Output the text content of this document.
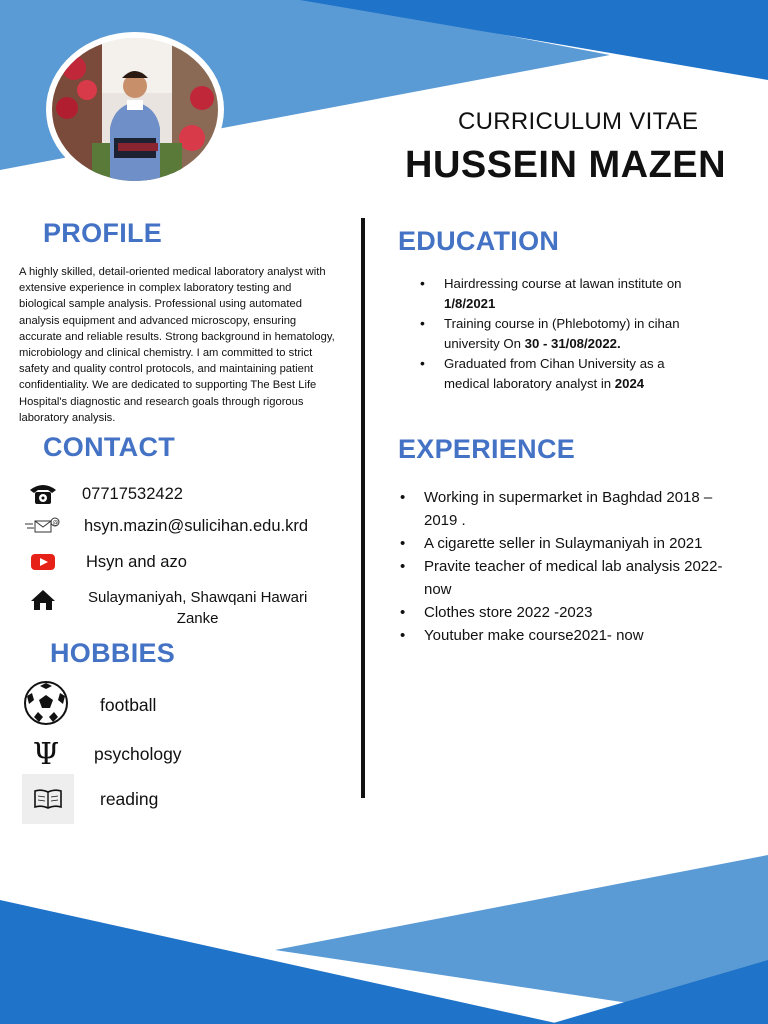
CURRICULUM VITAE
HUSSEIN MAZEN
PROFILE
A highly skilled, detail-oriented medical laboratory analyst with extensive experience in complex laboratory testing and biological sample analysis. Professional using automated analysis equipment and advanced microscopy, ensuring accurate and reliable results. Strong background in hematology, microbiology and clinical chemistry. I am committed to strict safety and quality control protocols, and maintaining patient confidentiality. We are dedicated to supporting The Best Life Hospital's diagnostic and research goals through rigorous laboratory analysis.
CONTACT
07717532422
@ hsyn.mazin@sulicihan.edu.krd
Hsyn and azo
Sulaymaniyah, Shawqani Hawari
Zanke
HOBBIES
football
Ψ	psychology
reading
EDUCATION
• Hairdressing course at lawan institute on 1/8/2021
• Training course in (Phlebotomy) in cihan university On 30 - 31/08/2022.
• Graduated from Cihan University as a medical laboratory analyst in 2024
EXPERIENCE
• Working in supermarket in Baghdad 2018 – 2019 .
• A cigarette seller in Sulaymaniyah in 2021
• Pravite teacher of medical lab analysis 2022- now
• Clothes store 2022 -2023
• Youtuber make course2021- now
